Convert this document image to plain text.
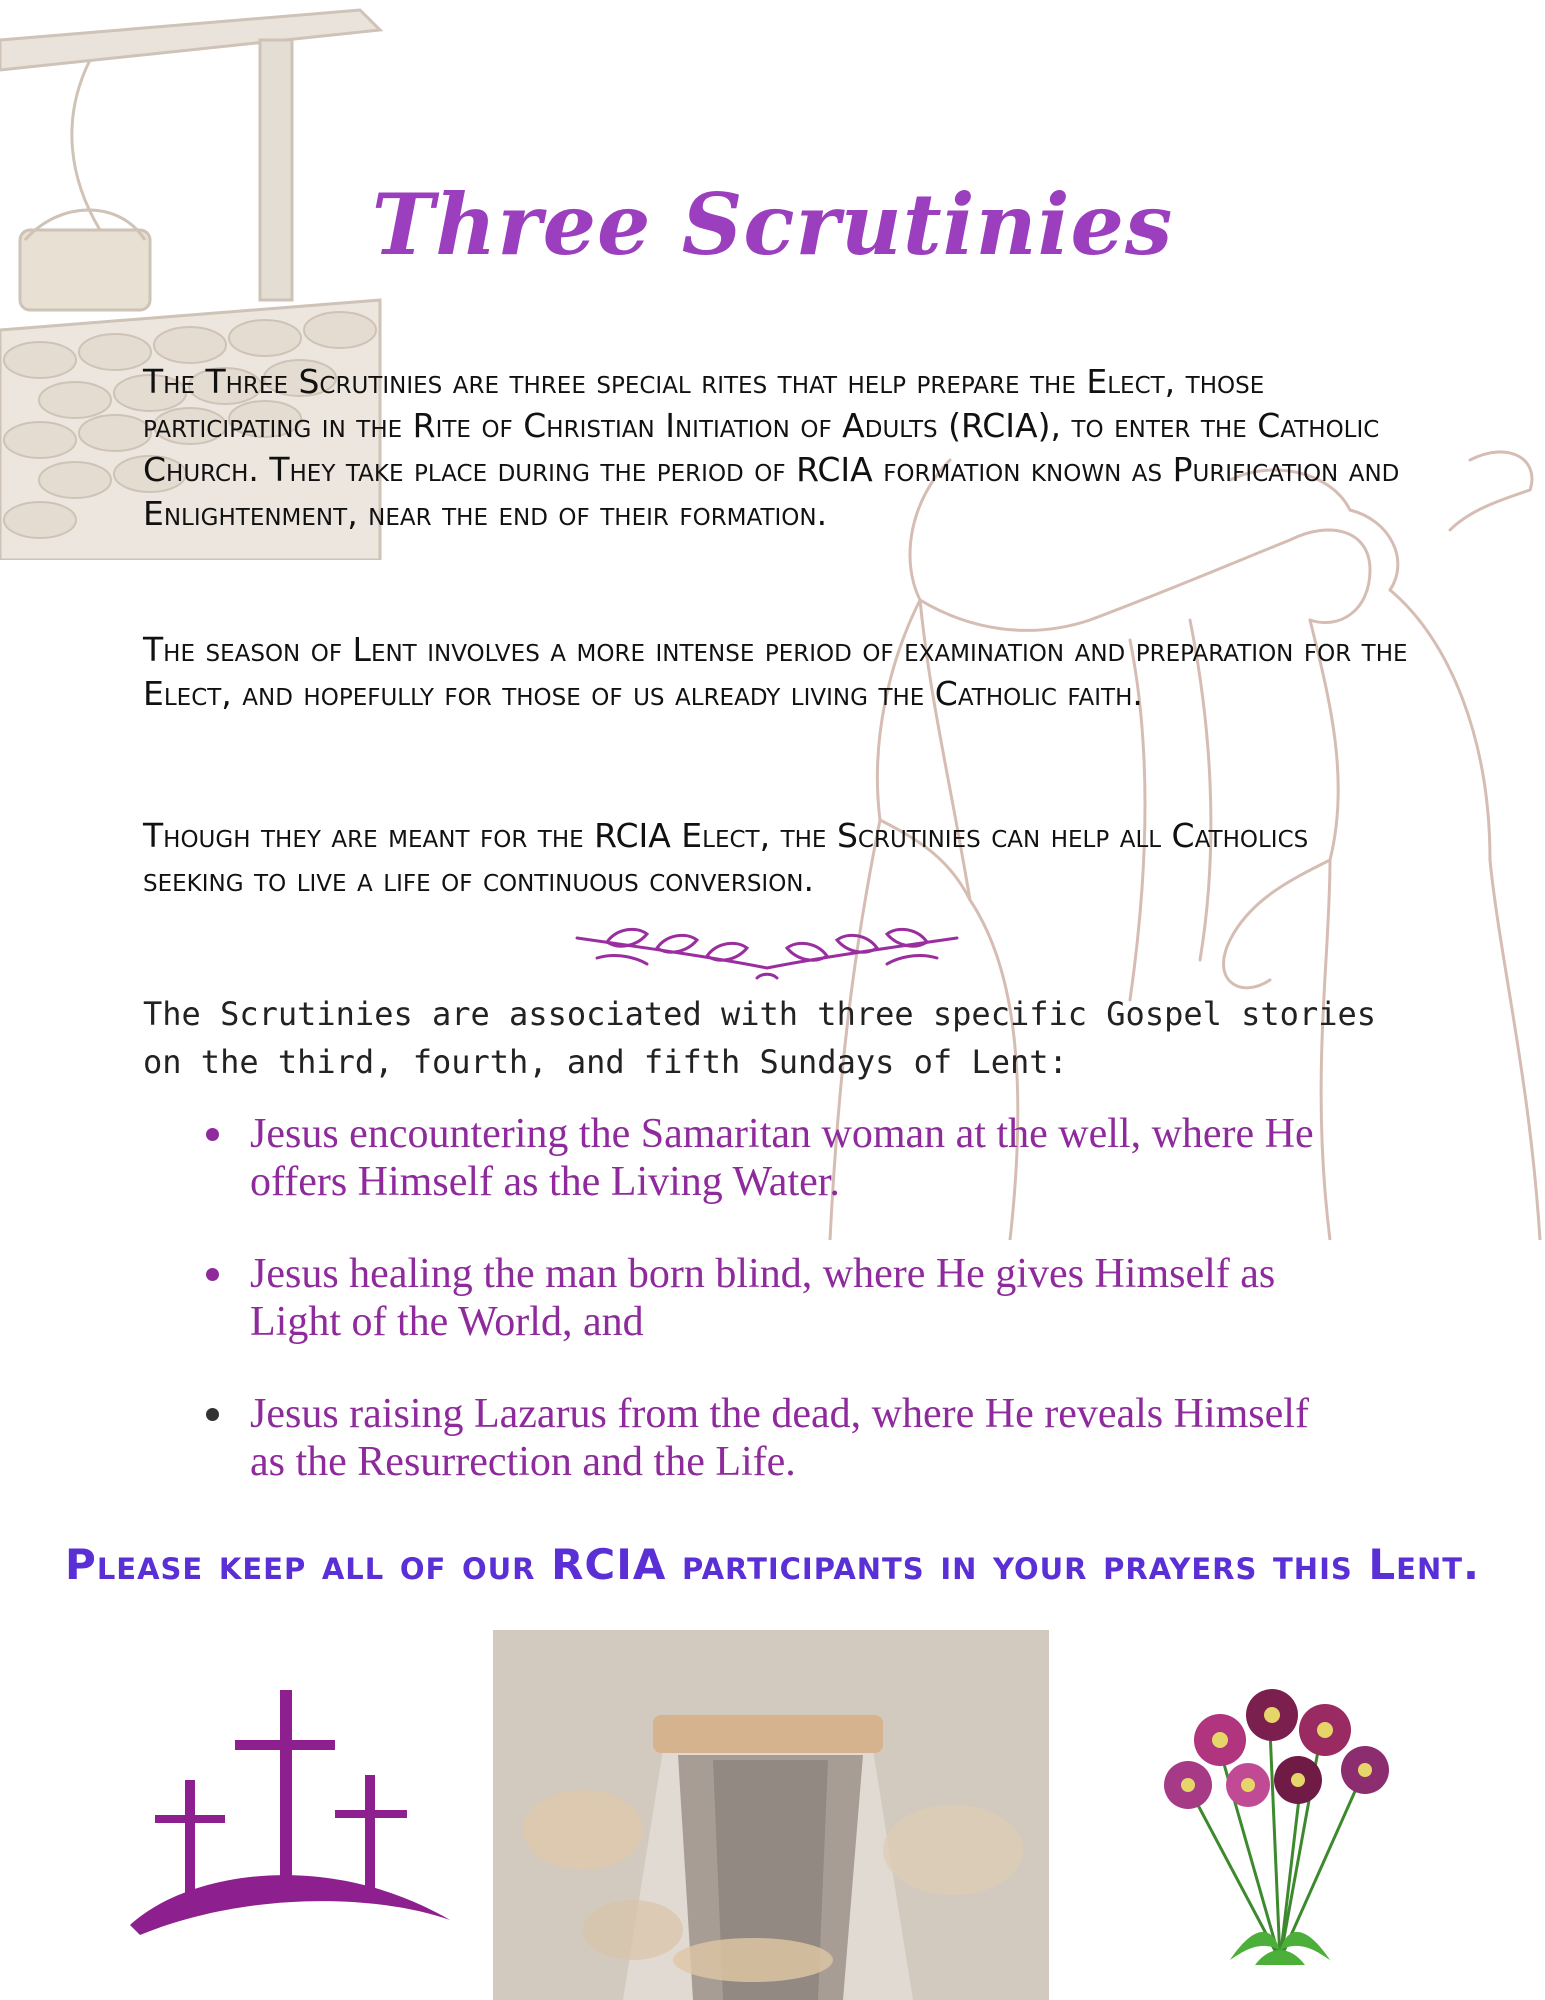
Three Scrutinies
The Three Scrutinies are three special rites that help prepare the Elect, those participating in the Rite of Christian Initiation of Adults (RCIA), to enter the Catholic Church. They take place during the period of RCIA formation known as Purification and Enlightenment, near the end of their formation.
The season of Lent involves a more intense period of examination and preparation for the Elect, and hopefully for those of us already living the Catholic faith.
Though they are meant for the RCIA Elect, the Scrutinies can help all Catholics seeking to live a life of continuous conversion.
The Scrutinies are associated with three specific Gospel stories on the third, fourth, and fifth Sundays of Lent:
Jesus encountering the Samaritan woman at the well, where He offers Himself as the Living Water.
Jesus healing the man born blind, where He gives Himself as Light of the World, and
Jesus raising Lazarus from the dead, where He reveals Himself as the Resurrection and the Life.
Please keep all of our RCIA participants in your prayers this Lent.
